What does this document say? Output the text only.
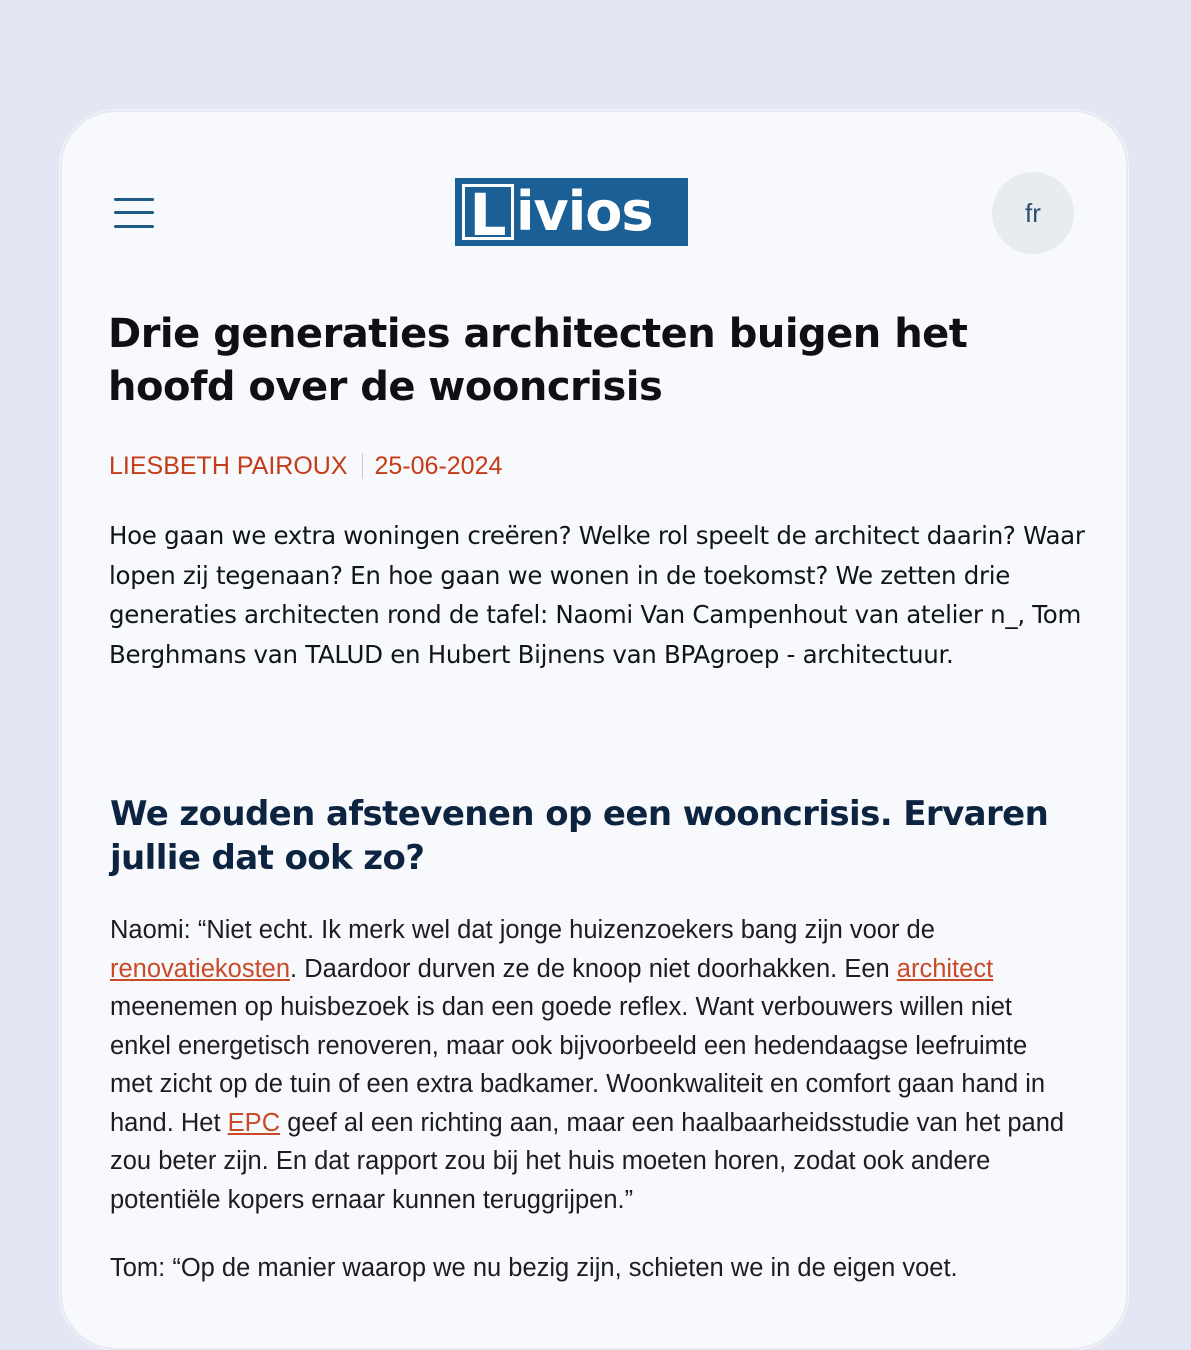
L ivios	fr
Drie generaties architecten buigen het hoofd over de wooncrisis
LIESBETH PAIROUX 25-06-2024

Hoe gaan we extra woningen creëren? Welke rol speelt de architect daarin? Waar lopen zij tegenaan? En hoe gaan we wonen in de toekomst? We zetten drie generaties architecten rond de tafel: Naomi Van Campenhout van atelier n_, Tom Berghmans van TALUD en Hubert Bijnens van BPAgroep - architectuur.

We zouden afstevenen op een wooncrisis. Ervaren jullie dat ook zo?

Naomi: “Niet echt. Ik merk wel dat jonge huizenzoekers bang zijn voor de renovatiekosten. Daardoor durven ze de knoop niet doorhakken. Een architect meenemen op huisbezoek is dan een goede reflex. Want verbouwers willen niet enkel energetisch renoveren, maar ook bijvoorbeeld een hedendaagse leefruimte met zicht op de tuin of een extra badkamer. Woonkwaliteit en comfort gaan hand in hand. Het EPC geef al een richting aan, maar een haalbaarheidsstudie van het pand zou beter zijn. En dat rapport zou bij het huis moeten horen, zodat ook andere potentiële kopers ernaar kunnen teruggrijpen.”

Tom: “Op de manier waarop we nu bezig zijn, schieten we in de eigen voet.
